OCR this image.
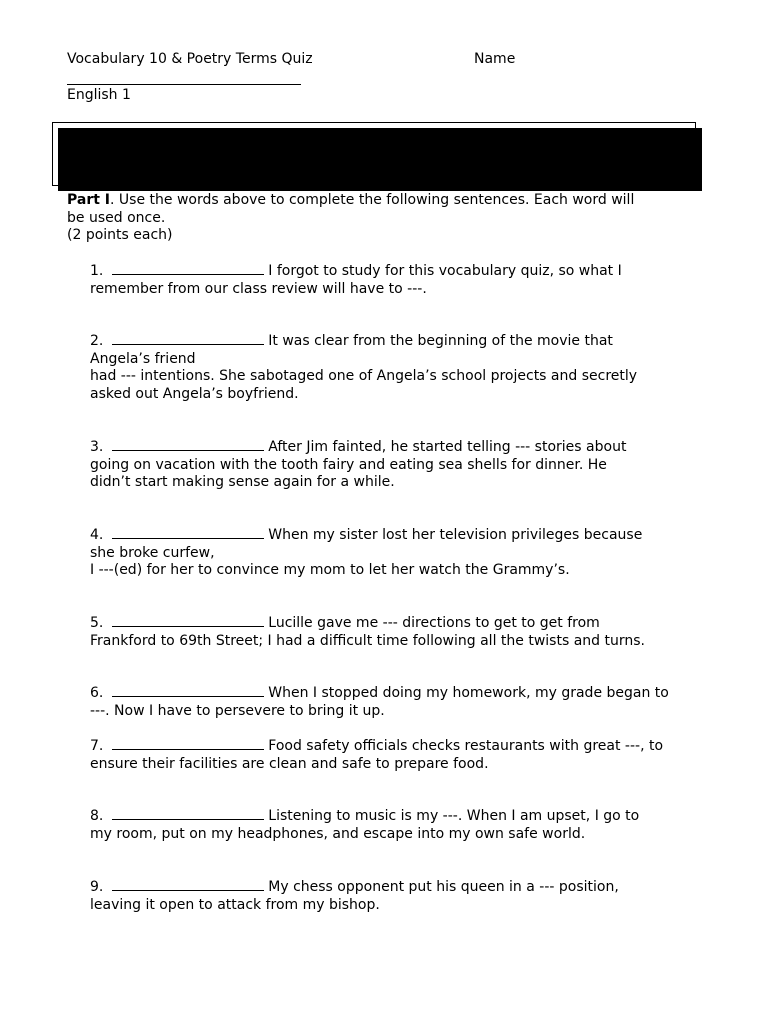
Vocabulary 10 & Poetry Terms Quiz	Name
English 1
Part I. Use the words above to complete the following sentences. Each word will
be used once.
(2 points each)
1.	I forgot to study for this vocabulary quiz, so what I
remember from our class review will have to ---.
2.	It was clear from the beginning of the movie that
Angela’s friend
had --- intentions. She sabotaged one of Angela’s school projects and secretly
asked out Angela’s boyfriend.
3.	After Jim fainted, he started telling --- stories about
going on vacation with the tooth fairy and eating sea shells for dinner. He
didn’t start making sense again for a while.
4.	When my sister lost her television privileges because
she broke curfew,
I ---(ed) for her to convince my mom to let her watch the Grammy’s.
5.	Lucille gave me --- directions to get to get from
Frankford to 69th Street; I had a difficult time following all the twists and turns.
6.	When I stopped doing my homework, my grade began to
---. Now I have to persevere to bring it up.
7.	Food safety officials checks restaurants with great ---, to
ensure their facilities are clean and safe to prepare food.
8.	Listening to music is my ---. When I am upset, I go to
my room, put on my headphones, and escape into my own safe world.
9.	My chess opponent put his queen in a --- position,
leaving it open to attack from my bishop.
